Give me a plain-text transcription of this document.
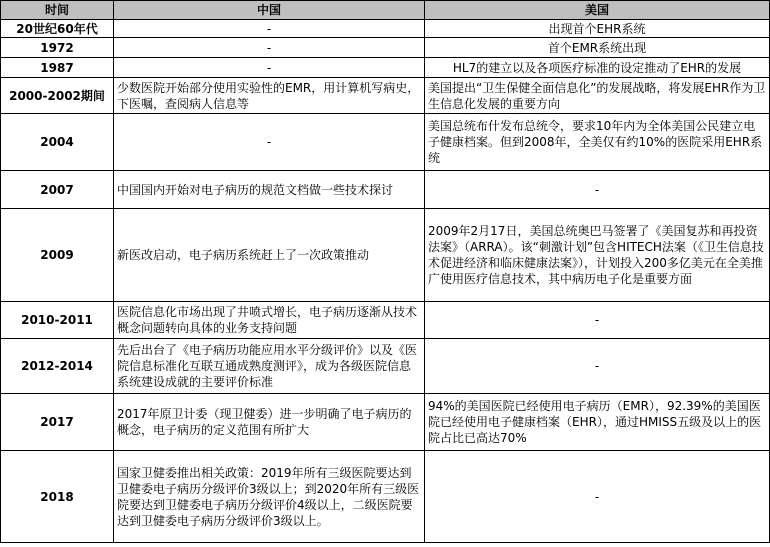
时间	中国	美国
20世纪60年代	-	出现首个EHR系统
1972	-	首个EMR系统出现
1987	-	HL7的建立以及各项医疗标准的设定推动了EHR的发展
2000-2002期间	少数医院开始部分使用实验性的EMR，用计算机写病史，下医嘱，查阅病人信息等	美国提出“卫生保健全面信息化”的发展战略，将发展EHR作为卫生信息化发展的重要方向
2004	-	美国总统布什发布总统令，要求10年内为全体美国公民建立电子健康档案。但到2008年，全美仅有约10%的医院采用EHR系统
2007	中国国内开始对电子病历的规范文档做一些技术探讨	-
2009	新医改启动，电子病历系统赶上了一次政策推动	2009年2月17日，美国总统奥巴马签署了《美国复苏和再投资法案》（ARRA）。该“刺激计划”包含HITECH法案（《卫生信息技术促进经济和临床健康法案》），计划投入200多亿美元在全美推广使用医疗信息技术，其中病历电子化是重要方面
2010-2011	医院信息化市场出现了井喷式增长，电子病历逐渐从技术概念问题转向具体的业务支持问题	-
2012-2014	先后出台了《电子病历功能应用水平分级评价》以及《医院信息标准化互联互通成熟度测评》，成为各级医院信息系统建设成就的主要评价标准	-
2017	2017年原卫计委（现卫健委）进一步明确了电子病历的概念，电子病历的定义范围有所扩大	94%的美国医院已经使用电子病历（EMR），92.39%的美国医院已经使用电子健康档案（EHR），通过HMISS五级及以上的医院占比已高达70%
2018	国家卫健委推出相关政策：2019年所有三级医院要达到卫健委电子病历分级评价3级以上；到2020年所有三级医院要达到卫健委电子病历分级评价4级以上，二级医院要达到卫健委电子病历分级评价3级以上。	-
